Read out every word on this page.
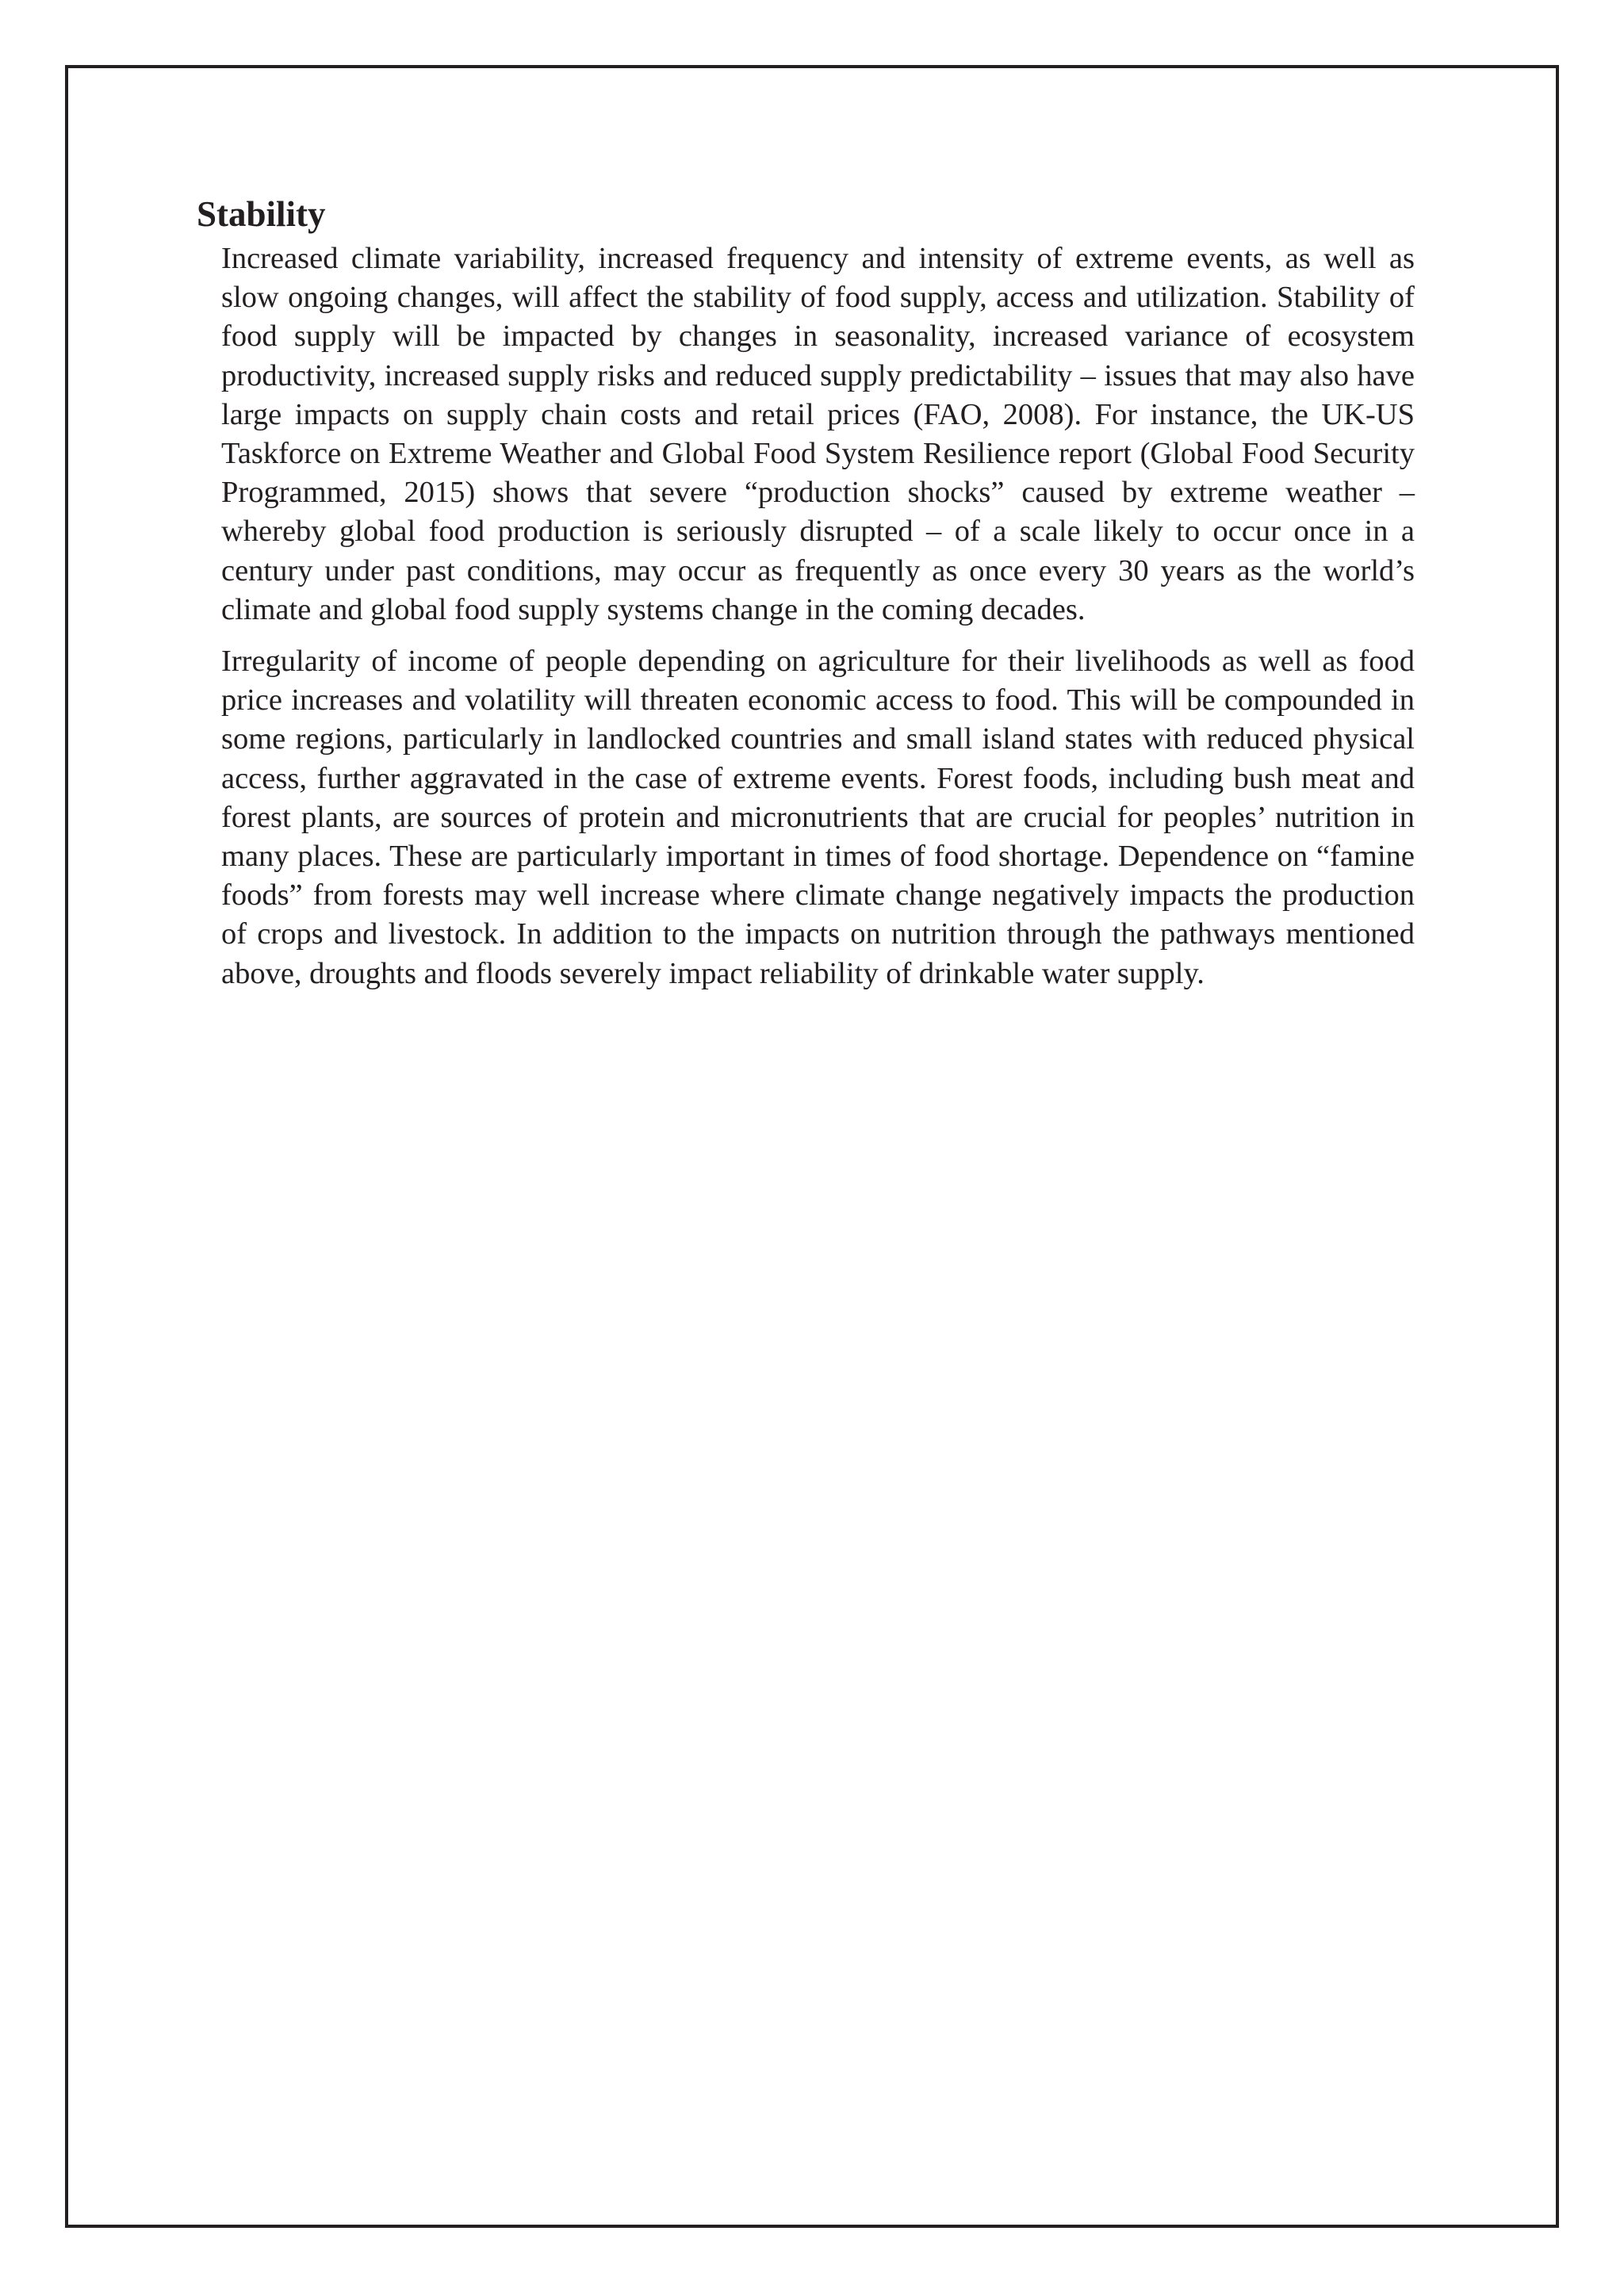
Stability

Increased climate variability, increased frequency and intensity of extreme events, as well as slow ongoing changes, will affect the stability of food supply, access and utilization. Stability of food supply will be impacted by changes in seasonality, increased variance of ecosystem productivity, increased supply risks and reduced supply predictability – issues that may also have large impacts on supply chain costs and retail prices (FAO, 2008). For instance, the UK-US Taskforce on Extreme Weather and Global Food System Resilience report (Global Food Security Programmed, 2015) shows that severe “production shocks” caused by extreme weather – whereby global food production is seriously disrupted – of a scale likely to occur once in a century under past conditions, may occur as frequently as once every 30 years as the world’s climate and global food supply systems change in the coming decades.

Irregularity of income of people depending on agriculture for their livelihoods as well as food price increases and volatility will threaten economic access to food. This will be compounded in some regions, particularly in landlocked countries and small island states with reduced physical access, further aggravated in the case of extreme events. Forest foods, including bush meat and forest plants, are sources of protein and micronutrients that are crucial for peoples’ nutrition in many places. These are particularly important in times of food shortage. Dependence on “famine foods” from forests may well increase where climate change negatively impacts the production of crops and livestock. In addition to the impacts on nutrition through the pathways mentioned above, droughts and floods severely impact reliability of drinkable water supply.
